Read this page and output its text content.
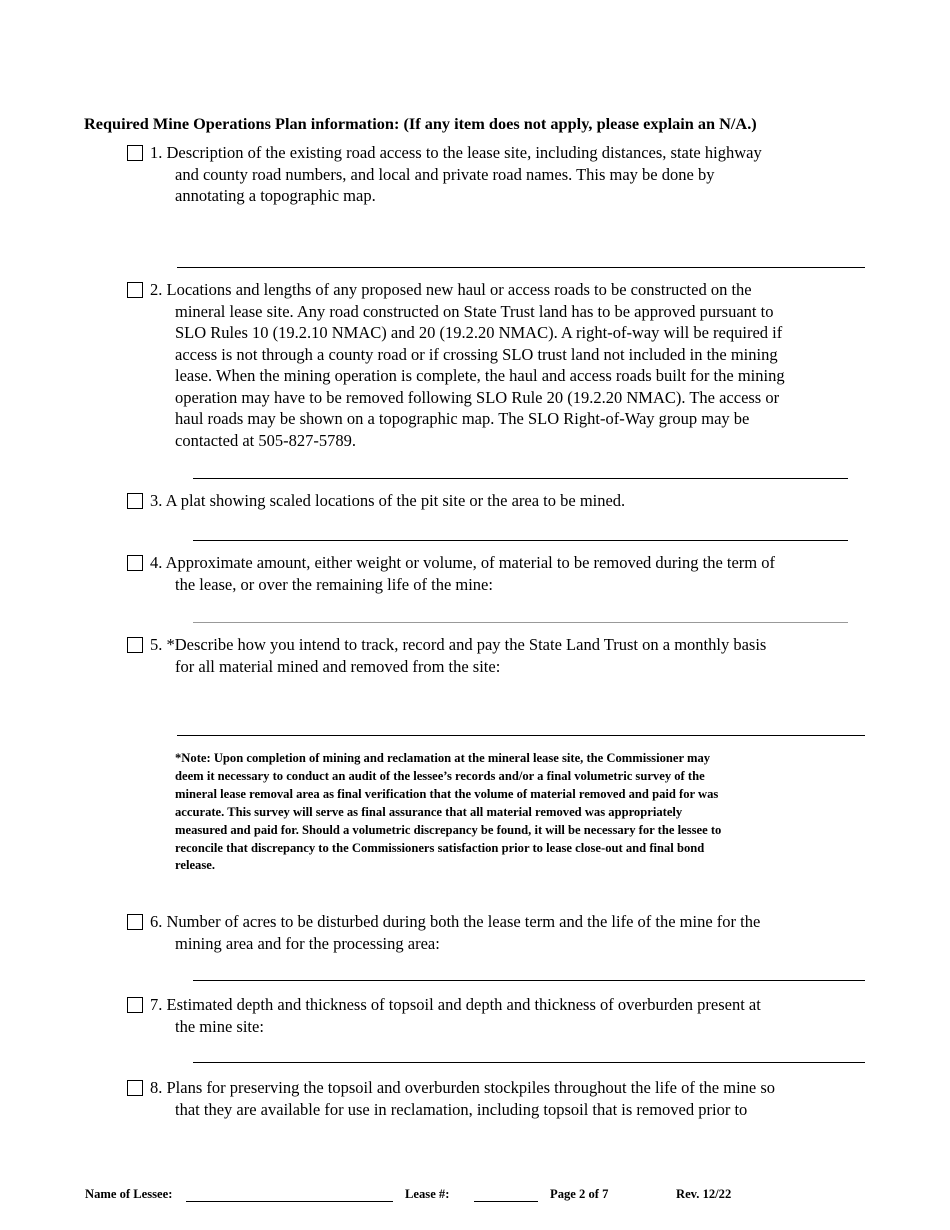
Required Mine Operations Plan information: (If any item does not apply, please explain an N/A.)
1. Description of the existing road access to the lease site, including distances, state highway
and county road numbers, and local and private road names. This may be done by
annotating a topographic map.
2. Locations and lengths of any proposed new haul or access roads to be constructed on the
mineral lease site. Any road constructed on State Trust land has to be approved pursuant to
SLO Rules 10 (19.2.10 NMAC) and 20 (19.2.20 NMAC). A right-of-way will be required if
access is not through a county road or if crossing SLO trust land not included in the mining
lease. When the mining operation is complete, the haul and access roads built for the mining
operation may have to be removed following SLO Rule 20 (19.2.20 NMAC). The access or
haul roads may be shown on a topographic map. The SLO Right-of-Way group may be
contacted at 505-827-5789.
3. A plat showing scaled locations of the pit site or the area to be mined.
4. Approximate amount, either weight or volume, of material to be removed during the term of
the lease, or over the remaining life of the mine:
5. *Describe how you intend to track, record and pay the State Land Trust on a monthly basis
for all material mined and removed from the site:
6. Number of acres to be disturbed during both the lease term and the life of the mine for the
mining area and for the processing area:
7. Estimated depth and thickness of topsoil and depth and thickness of overburden present at
the mine site:
8. Plans for preserving the topsoil and overburden stockpiles throughout the life of the mine so
that they are available for use in reclamation, including topsoil that is removed prior to
*Note: Upon completion of mining and reclamation at the mineral lease site, the Commissioner may
deem it necessary to conduct an audit of the lessee’s records and/or a final volumetric survey of the
mineral lease removal area as final verification that the volume of material removed and paid for was
accurate. This survey will serve as final assurance that all material removed was appropriately
measured and paid for. Should a volumetric discrepancy be found, it will be necessary for the lessee to
reconcile that discrepancy to the Commissioners satisfaction prior to lease close-out and final bond
release.
Name of Lessee:	Lease #:	Page 2 of 7	Rev. 12/22
